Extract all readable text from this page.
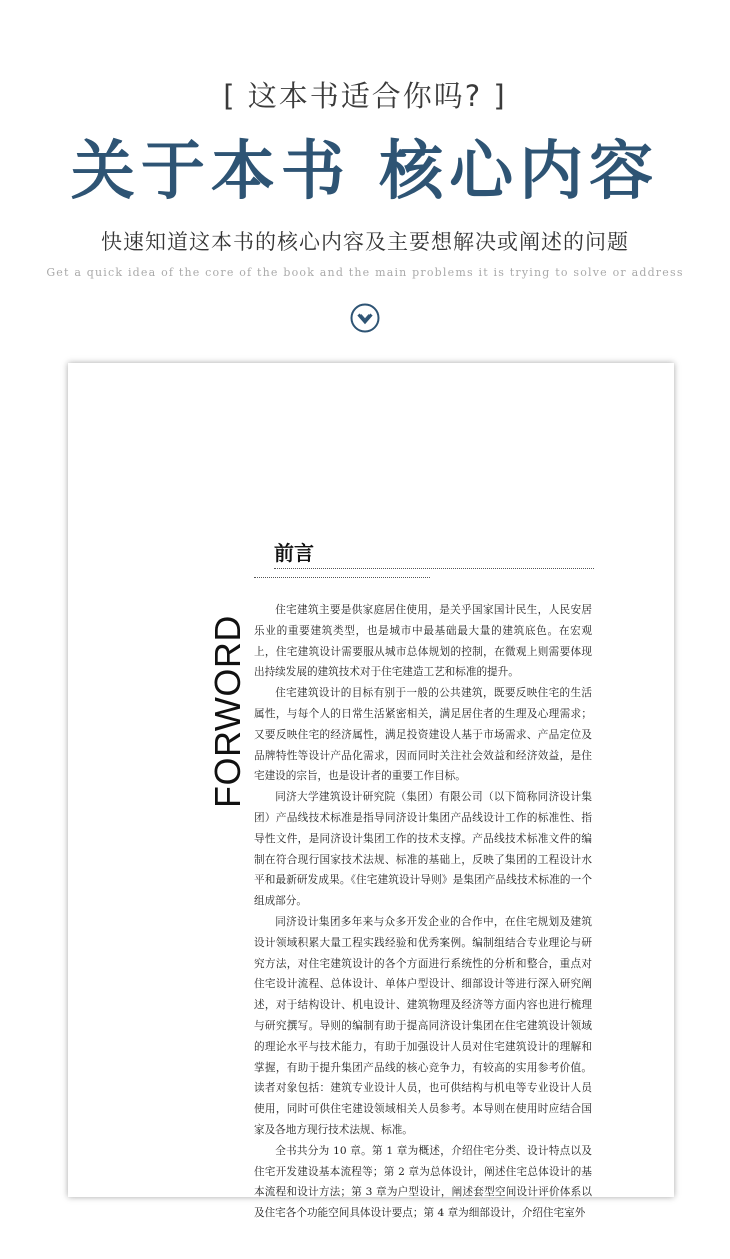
[ 这本书适合你吗? ]
关于本书 核心内容
快速知道这本书的核心内容及主要想解决或阐述的问题
Get a quick idea of the core of the book and the main problems it is trying to solve or address
FORWORD
前言

住宅建筑主要是供家庭居住使用，是关乎国家国计民生，人民安居乐业的重要建筑类型，也是城市中最基础最大量的建筑底色。在宏观上，住宅建筑设计需要服从城市总体规划的控制，在微观上则需要体现出持续发展的建筑技术对于住宅建造工艺和标准的提升。

住宅建筑设计的目标有别于一般的公共建筑，既要反映住宅的生活属性，与每个人的日常生活紧密相关，满足居住者的生理及心理需求；又要反映住宅的经济属性，满足投资建设人基于市场需求、产品定位及品牌特性等设计产品化需求，因而同时关注社会效益和经济效益，是住宅建设的宗旨，也是设计者的重要工作目标。

同济大学建筑设计研究院（集团）有限公司（以下简称同济设计集团）产品线技术标准是指导同济设计集团产品线设计工作的标准性、指导性文件，是同济设计集团工作的技术支撑。产品线技术标准文件的编制在符合现行国家技术法规、标准的基础上，反映了集团的工程设计水平和最新研发成果。《住宅建筑设计导则》是集团产品线技术标准的一个组成部分。

同济设计集团多年来与众多开发企业的合作中，在住宅规划及建筑设计领域积累大量工程实践经验和优秀案例。编制组结合专业理论与研究方法，对住宅建筑设计的各个方面进行系统性的分析和整合，重点对住宅设计流程、总体设计、单体户型设计、细部设计等进行深入研究阐述，对于结构设计、机电设计、建筑物理及经济等方面内容也进行梳理与研究撰写。导则的编制有助于提高同济设计集团在住宅建筑设计领域的理论水平与技术能力，有助于加强设计人员对住宅建筑设计的理解和掌握，有助于提升集团产品线的核心竞争力，有较高的实用参考价值。读者对象包括：建筑专业设计人员，也可供结构与机电等专业设计人员使用，同时可供住宅建设领域相关人员参考。本导则在使用时应结合国家及各地方现行技术法规、标准。

全书共分为 10 章。第 1 章为概述，介绍住宅分类、设计特点以及住宅开发建设基本流程等；第 2 章为总体设计，阐述住宅总体设计的基本流程和设计方法；第 3 章为户型设计，阐述套型空间设计评价体系以及住宅各个功能空间具体设计要点；第 4 章为细部设计，介绍住宅室外
